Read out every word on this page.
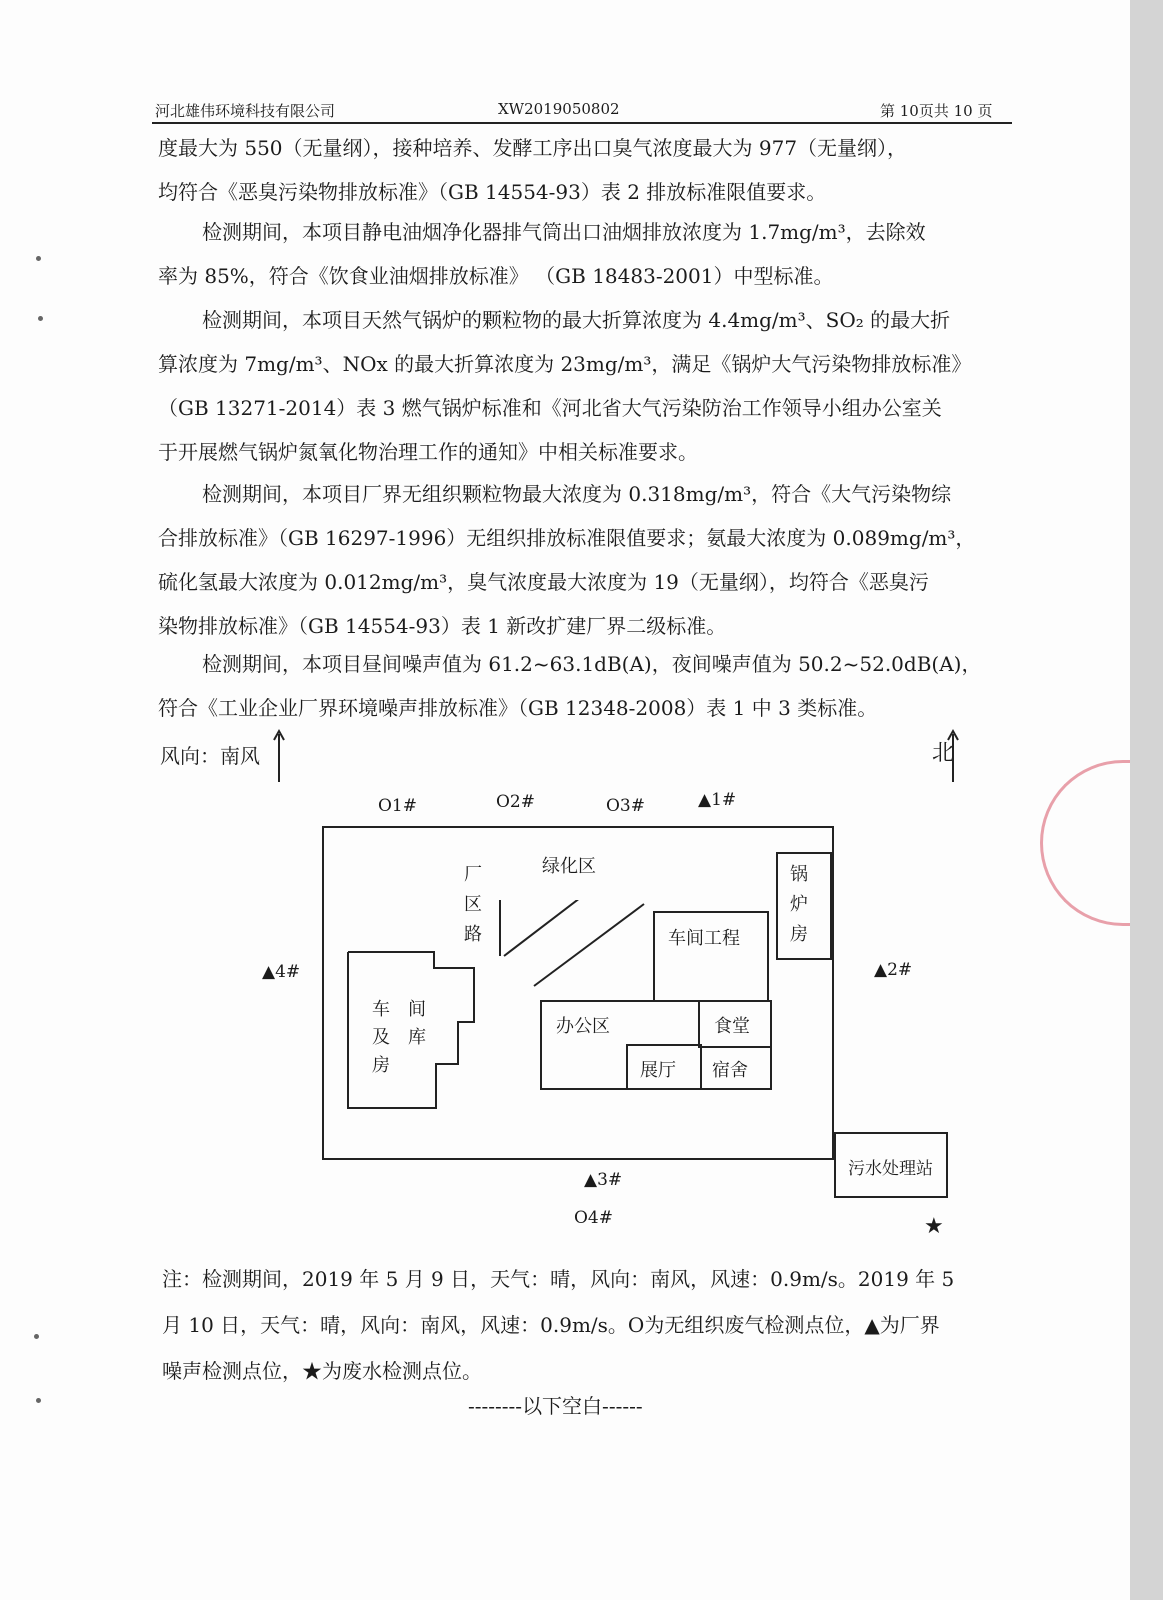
河北雄伟环境科技有限公司	XW2019050802	第 10页共 10 页
度最大为 550（无量纲），接种培养、发酵工序出口臭气浓度最大为 977（无量纲），
均符合《恶臭污染物排放标准》（GB 14554-93）表 2 排放标准限值要求。
检测期间，本项目静电油烟净化器排气筒出口油烟排放浓度为 1.7mg/m³，去除效
率为 85%，符合《饮食业油烟排放标准》 （GB 18483-2001）中型标准。
检测期间，本项目天然气锅炉的颗粒物的最大折算浓度为 4.4mg/m³、SO₂ 的最大折
算浓度为 7mg/m³、NOx 的最大折算浓度为 23mg/m³，满足《锅炉大气污染物排放标准》
（GB 13271-2014）表 3 燃气锅炉标准和《河北省大气污染防治工作领导小组办公室关
于开展燃气锅炉氮氧化物治理工作的通知》中相关标准要求。
检测期间，本项目厂界无组织颗粒物最大浓度为 0.318mg/m³，符合《大气污染物综
合排放标准》（GB 16297-1996）无组织排放标准限值要求；氨最大浓度为 0.089mg/m³，
硫化氢最大浓度为 0.012mg/m³，臭气浓度最大浓度为 19（无量纲），均符合《恶臭污
染物排放标准》（GB 14554-93）表 1 新改扩建厂界二级标准。
检测期间，本项目昼间噪声值为 61.2~63.1dB(A)，夜间噪声值为 50.2~52.0dB(A)，
符合《工业企业厂界环境噪声排放标准》（GB 12348-2008）表 1 中 3 类标准。
风向：南风	北
O1#	O2#	O3#	▲1#
▲4#	▲2#
▲3#
O4#	★
锅炉房
厂区路
绿化区
车间工程
办公区	食堂
展厅 宿舍
车　间
及　库
房
污水处理站
注：检测期间，2019 年 5 月 9 日，天气：晴，风向：南风，风速：0.9m/s。2019 年 5
月 10 日，天气：晴，风向：南风，风速：0.9m/s。O为无组织废气检测点位，▲为厂界
噪声检测点位，★为废水检测点位。
--------以下空白------
